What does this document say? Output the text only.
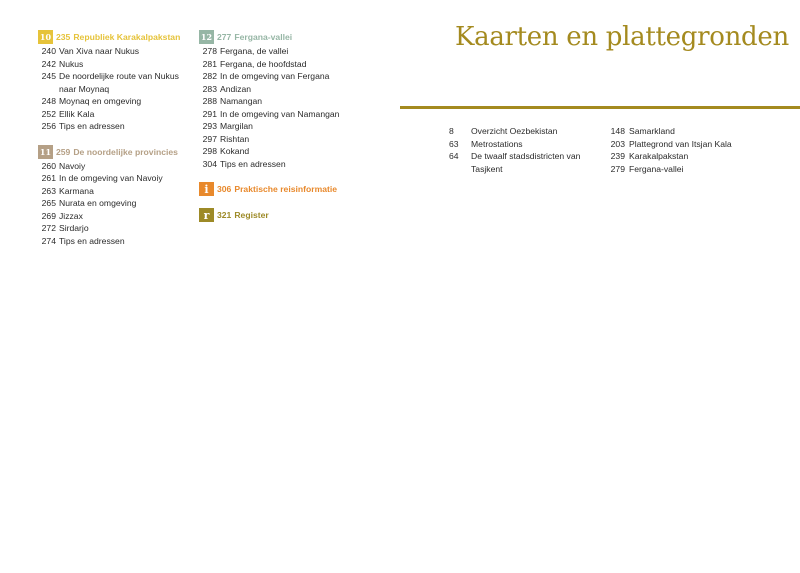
10 235 Republiek Karakalpakstan
240 Van Xiva naar Nukus
242 Nukus
245 De noordelijke route van Nukus naar Moynaq
248 Moynaq en omgeving
252 Ellik Kala
256 Tips en adressen
11 259 De noordelijke provincies
260 Navoiy
261 In de omgeving van Navoiy
263 Karmana
265 Nurata en omgeving
269 Jizzax
272 Sirdarjo
274 Tips en adressen
12 277 Fergana-vallei
278 Fergana, de vallei
281 Fergana, de hoofdstad
282 In de omgeving van Fergana
283 Andizan
288 Namangan
291 In de omgeving van Namangan
293 Margilan
297 Rishtan
298 Kokand
304 Tips en adressen
i 306 Praktische reisinformatie
r 321 Register
Kaarten en plattegronden
8	Overzicht Oezbekistan
63	Metrostations
64	De twaalf stadsdistricten van Tasjkent
148 Samarkland
203 Plattegrond van Itsjan Kala
239 Karakalpakstan
279 Fergana-vallei
